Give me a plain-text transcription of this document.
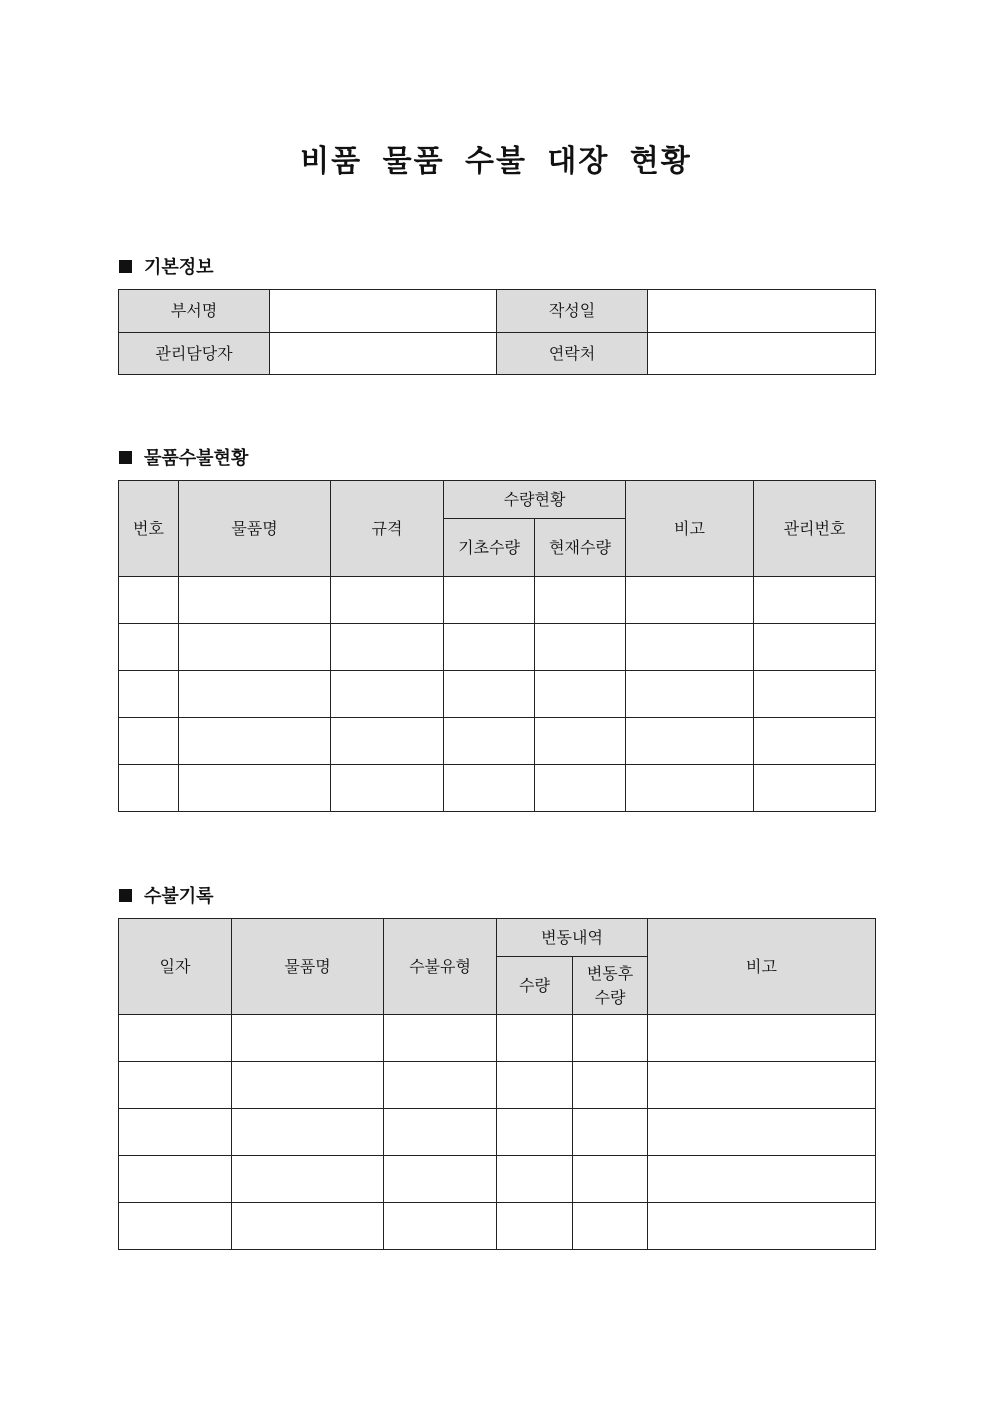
비품 물품 수불 대장 현황
기본정보
부서명		작성일	
관리담당자		연락처	
물품수불현황
번호	물품명	규격	수량현황		비고	관리번호
			기초수량	현재수량		

수불기록
일자	물품명	수불유형	변동내역		비고
			수량	변동후
수량	
